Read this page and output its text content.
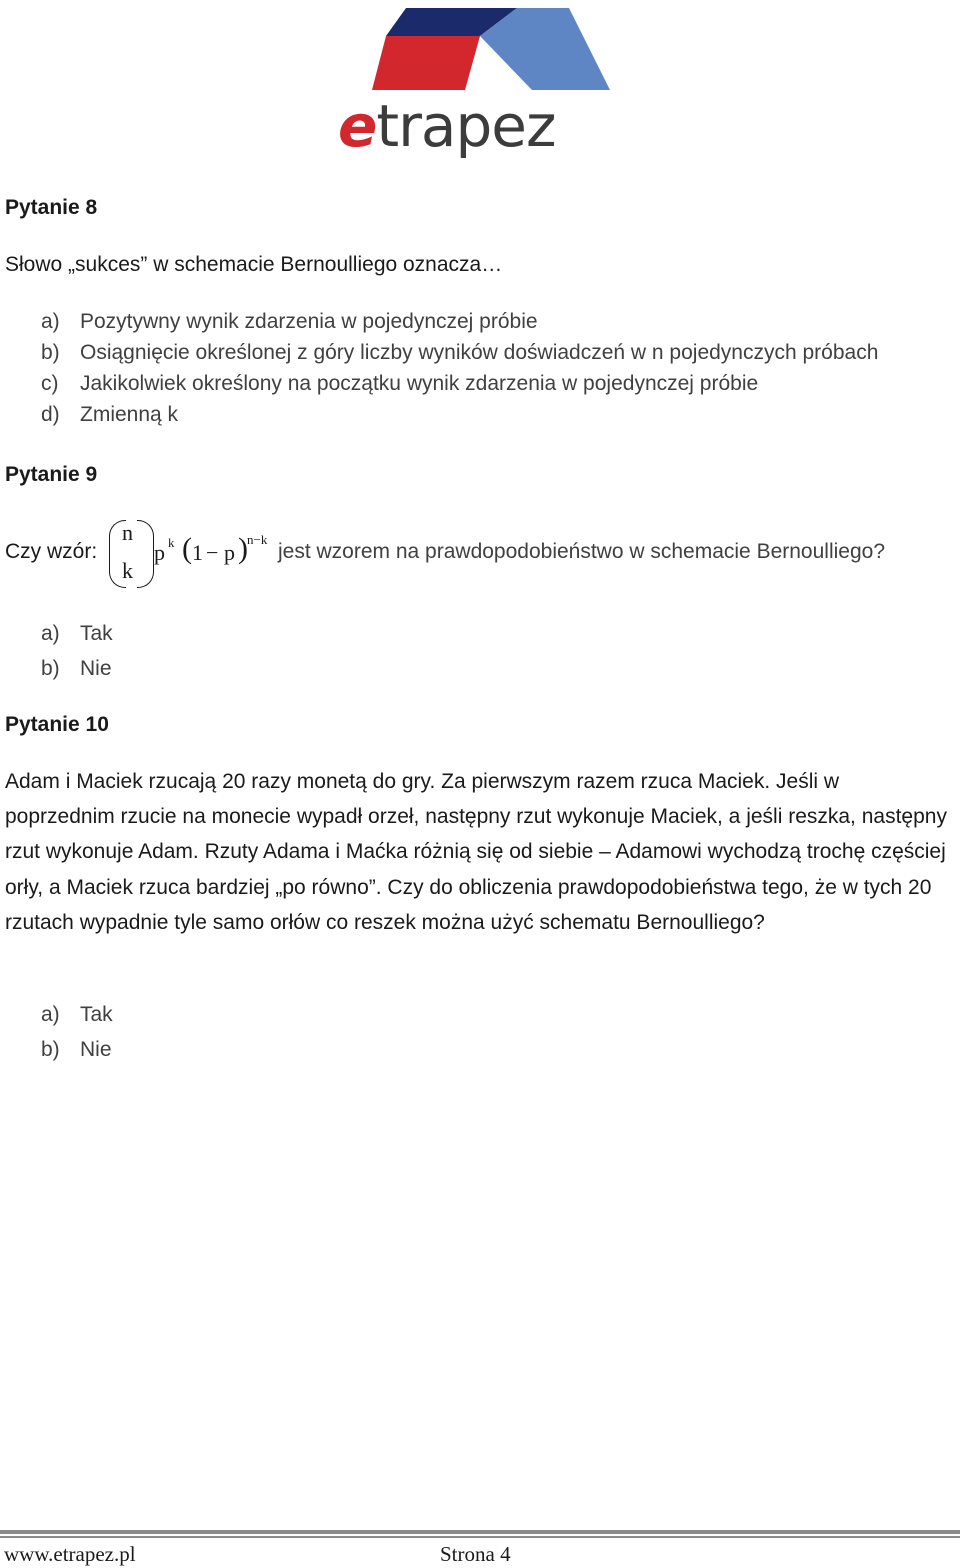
etrapez
Pytanie 8
Słowo „sukces” w schemacie Bernoulliego oznacza…
a) Pozytywny wynik zdarzenia w pojedynczej próbie
b) Osiągnięcie określonej z góry liczby wyników doświadczeń w n pojedynczych próbach
c) Jakikolwiek określony na początku wynik zdarzenia w pojedynczej próbie
d) Zmienną k
Pytanie 9
Czy wzór:
n
k
p k ( 1 − p ) n−k
jest wzorem na prawdopodobieństwo w schemacie Bernoulliego?
a) Tak
b) Nie
Pytanie 10
Adam i Maciek rzucają 20 razy monetą do gry. Za pierwszym razem rzuca Maciek. Jeśli w poprzednim rzucie na monecie wypadł orzeł, następny rzut wykonuje Maciek, a jeśli reszka, następny rzut wykonuje Adam. Rzuty Adama i Maćka różnią się od siebie – Adamowi wychodzą trochę częściej orły, a Maciek rzuca bardziej „po równo”. Czy do obliczenia prawdopodobieństwa tego, że w tych 20 rzutach wypadnie tyle samo orłów co reszek można użyć schematu Bernoulliego?
a) Tak
b) Nie
www.etrapez.pl	Strona 4
